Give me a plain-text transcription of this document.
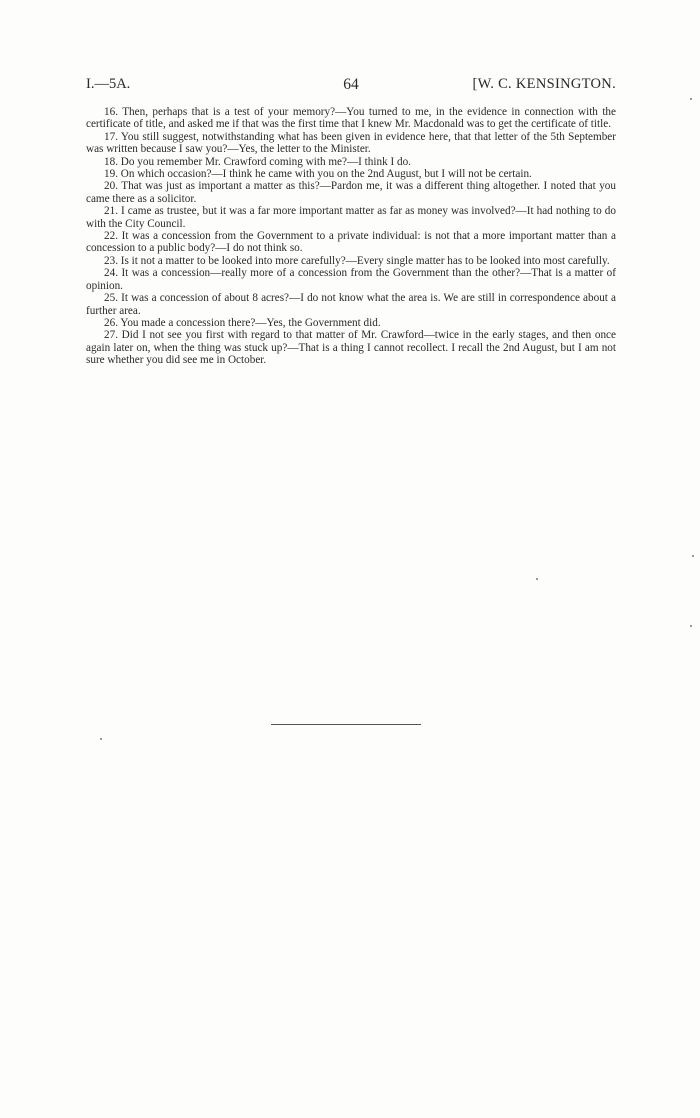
I.—5A.	64	[W. C. KENSINGTON.

16. Then, perhaps that is a test of your memory?—You turned to me, in the evidence in connection with the certificate of title, and asked me if that was the first time that I knew Mr. Macdonald was to get the certificate of title.

17. You still suggest, notwithstanding what has been given in evidence here, that that letter of the 5th September was written because I saw you?—Yes, the letter to the Minister.

18. Do you remember Mr. Crawford coming with me?—I think I do.

19. On which occasion?—I think he came with you on the 2nd August, but I will not be certain.

20. That was just as important a matter as this?—Pardon me, it was a different thing altogether. I noted that you came there as a solicitor.

21. I came as trustee, but it was a far more important matter as far as money was involved?—It had nothing to do with the City Council.

22. It was a concession from the Government to a private individual: is not that a more important matter than a concession to a public body?—I do not think so.

23. Is it not a matter to be looked into more carefully?—Every single matter has to be looked into most carefully.

24. It was a concession—really more of a concession from the Government than the other?—That is a matter of opinion.

25. It was a concession of about 8 acres?—I do not know what the area is. We are still in correspondence about a further area.

26. You made a concession there?—Yes, the Government did.

27. Did I not see you first with regard to that matter of Mr. Crawford—twice in the early stages, and then once again later on, when the thing was stuck up?—That is a thing I cannot recollect. I recall the 2nd August, but I am not sure whether you did see me in October.
